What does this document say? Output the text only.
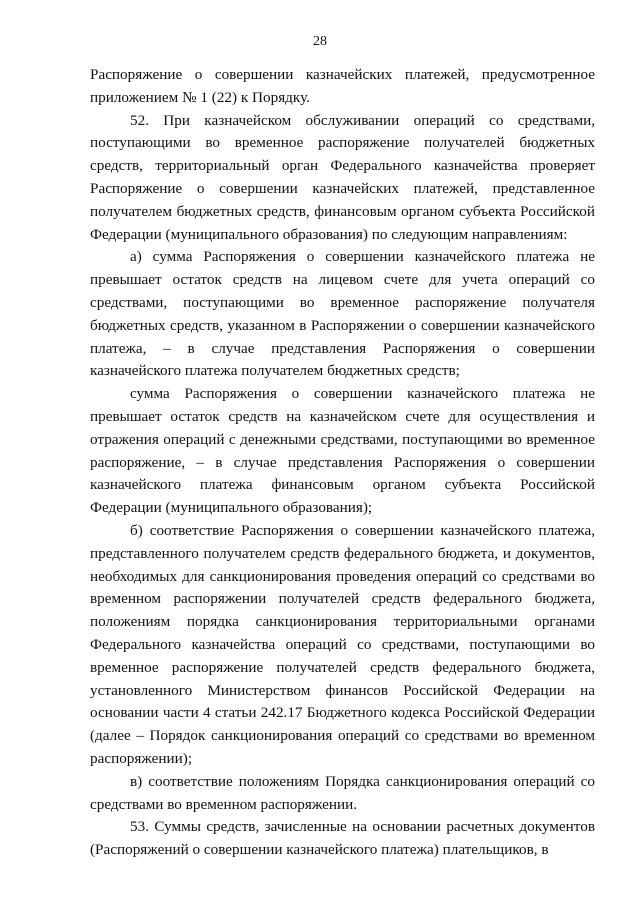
28

Распоряжение о совершении казначейских платежей, предусмотренное приложением № 1 (22) к Порядку.

52. При казначейском обслуживании операций со средствами, поступающими во временное распоряжение получателей бюджетных средств, территориальный орган Федерального казначейства проверяет Распоряжение о совершении казначейских платежей, представленное получателем бюджетных средств, финансовым органом субъекта Российской Федерации (муниципального образования) по следующим направлениям:

а) сумма Распоряжения о совершении казначейского платежа не превышает остаток средств на лицевом счете для учета операций со средствами, поступающими во временное распоряжение получателя бюджетных средств, указанном в Распоряжении о совершении казначейского платежа, – в случае представления Распоряжения о совершении казначейского платежа получателем бюджетных средств;

сумма Распоряжения о совершении казначейского платежа не превышает остаток средств на казначейском счете для осуществления и отражения операций с денежными средствами, поступающими во временное распоряжение, – в случае представления Распоряжения о совершении казначейского платежа финансовым органом субъекта Российской Федерации (муниципального образования);

б) соответствие Распоряжения о совершении казначейского платежа, представленного получателем средств федерального бюджета, и документов, необходимых для санкционирования проведения операций со средствами во временном распоряжении получателей средств федерального бюджета, положениям порядка санкционирования территориальными органами Федерального казначейства операций со средствами, поступающими во временное распоряжение получателей средств федерального бюджета, установленного Министерством финансов Российской Федерации на основании части 4 статьи 242.17 Бюджетного кодекса Российской Федерации (далее – Порядок санкционирования операций со средствами во временном распоряжении);

в) соответствие положениям Порядка санкционирования операций со средствами во временном распоряжении.

53. Суммы средств, зачисленные на основании расчетных документов (Распоряжений о совершении казначейского платежа) плательщиков, в
